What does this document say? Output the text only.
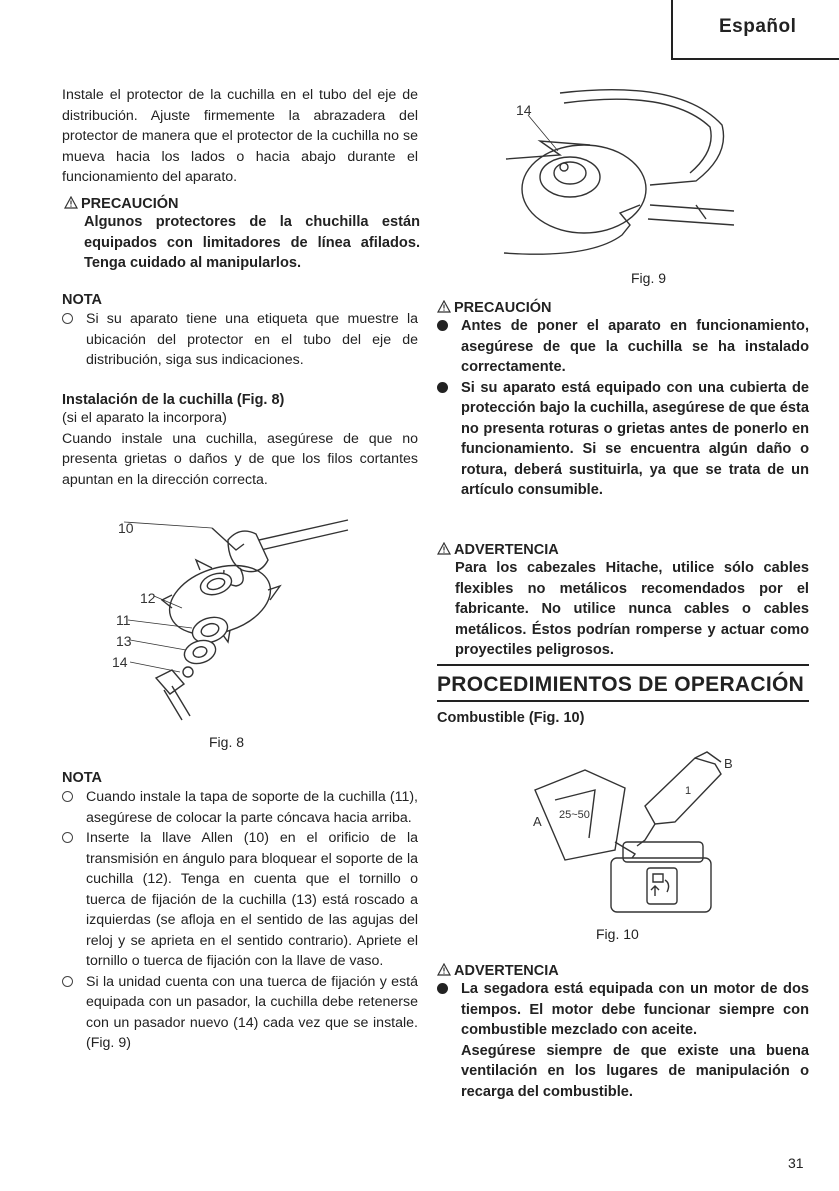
Español
Instale el protector de la cuchilla en el tubo del eje de distribución. Ajuste firmemente la abrazadera del protector de manera que el protector de la cuchilla no se mueva hacia los lados o hacia abajo durante el funcionamiento del aparato.
PRECAUCIÓN
Algunos protectores de la chuchilla están equipados con limitadores de línea afilados. Tenga cuidado al manipularlos.
NOTA
Si su aparato tiene una etiqueta que muestre la ubicación del protector en el tubo del eje de distribución, siga sus indicaciones.
Instalación de la cuchilla (Fig. 8)
(si el aparato la incorpora)
Cuando instale una cuchilla, asegúrese de que no presenta grietas o daños y de que los filos cortantes apuntan en la dirección correcta.
10
12
11
13
14
Fig. 8
NOTA
Cuando instale la tapa de soporte de la cuchilla (11), asegúrese de colocar la parte cóncava hacia arriba.
Inserte la llave Allen (10) en el orificio de la transmisión en ángulo para bloquear el soporte de la cuchilla (12). Tenga en cuenta que el tornillo o tuerca de fijación de la cuchilla (13) está roscado a izquierdas (se afloja en el sentido de las agujas del reloj y se aprieta en el sentido contrario). Apriete el tornillo o tuerca de fijación con la llave de vaso.
Si la unidad cuenta con una tuerca de fijación y está equipada con un pasador, la cuchilla debe retenerse con un pasador nuevo (14) cada vez que se instale. (Fig. 9)
14
Fig. 9
PRECAUCIÓN
Antes de poner el aparato en funcionamiento, asegúrese de que la cuchilla se ha instalado correctamente.
Si su aparato está equipado con una cubierta de protección bajo la cuchilla, asegúrese de que ésta no presenta roturas o grietas antes de ponerlo en funcionamiento. Si se encuentra algún daño o rotura, deberá sustituirla, ya que se trata de un artículo consumible.
ADVERTENCIA
Para los cabezales Hitache, utilice sólo cables flexibles no metálicos recomendados por el fabricante. No utilice nunca cables o cables metálicos. Éstos podrían romperse y actuar como proyectiles peligrosos.
PROCEDIMIENTOS DE OPERACIÓN
Combustible (Fig. 10)
25~50
1
A
B
Fig. 10
ADVERTENCIA
La segadora está equipada con un motor de dos tiempos. El motor debe funcionar siempre con combustible mezclado con aceite.
Asegúrese siempre de que existe una buena ventilación en los lugares de manipulación o recarga del combustible.
31
